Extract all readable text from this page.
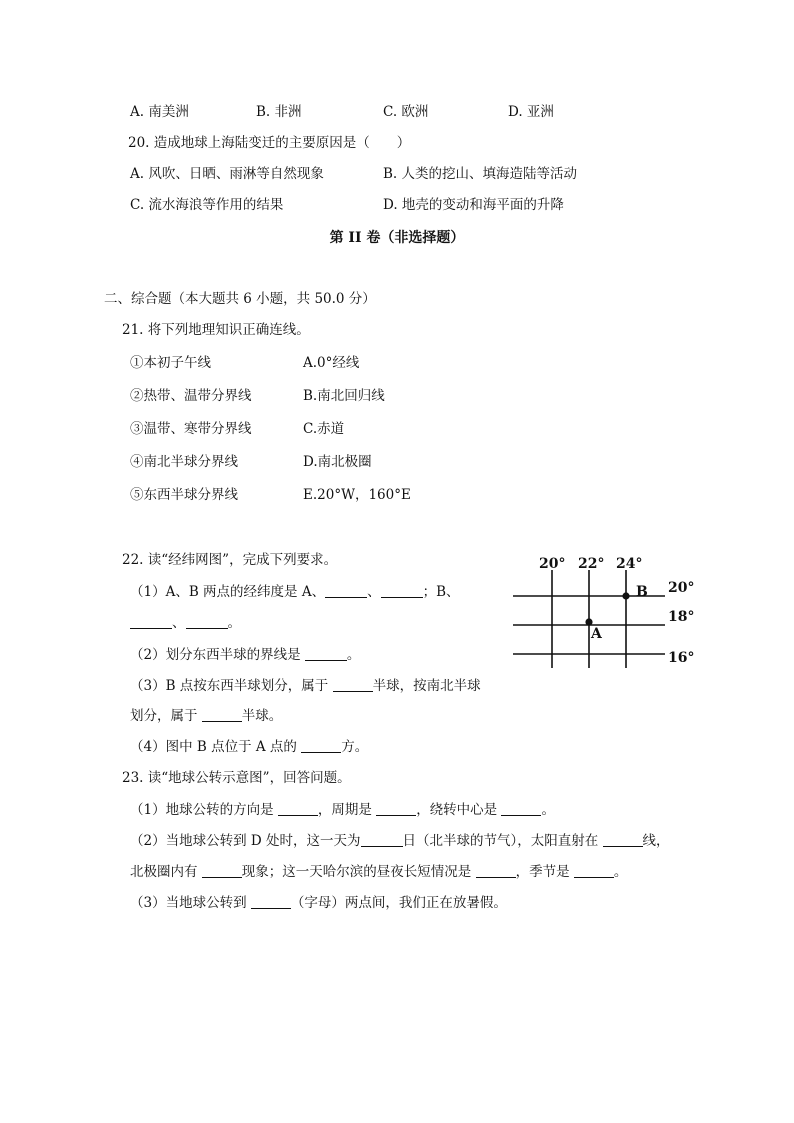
A. 南美洲	B. 非洲	C. 欧洲	D. 亚洲
20. 造成地球上海陆变迁的主要原因是（　　）
A. 风吹、日晒、雨淋等自然现象	B. 人类的挖山、填海造陆等活动
C. 流水海浪等作用的结果	D. 地壳的变动和海平面的升降
第 II 卷（非选择题）
二、综合题（本大题共 6 小题，共 50.0 分）
21. 将下列地理知识正确连线。
①本初子午线	A.0°经线
②热带、温带分界线	B.南北回归线
③温带、寒带分界线	C.赤道
④南北半球分界线	D.南北极圈
⑤东西半球分界线	E.20°W，160°E
22. 读“经纬网图”，完成下列要求。
（1）A、B 两点的经纬度是 A、	、	；B、
、	。
（2）划分东西半球的界线是	。
（3）B 点按东西半球划分，属于	半球，按南北半球
划分，属于	半球。
（4）图中 B 点位于 A 点的	方。
20° 22° 24°
20°
18°
16°
B
A
23. 读“地球公转示意图”，回答问题。
（1）地球公转的方向是	，周期是	，绕转中心是	。
（2）当地球公转到 D 处时，这一天为	日（北半球的节气），太阳直射在	线，
北极圈内有	现象；这一天哈尔滨的昼夜长短情况是	，季节是	。
（3）当地球公转到	（字母）两点间，我们正在放暑假。
